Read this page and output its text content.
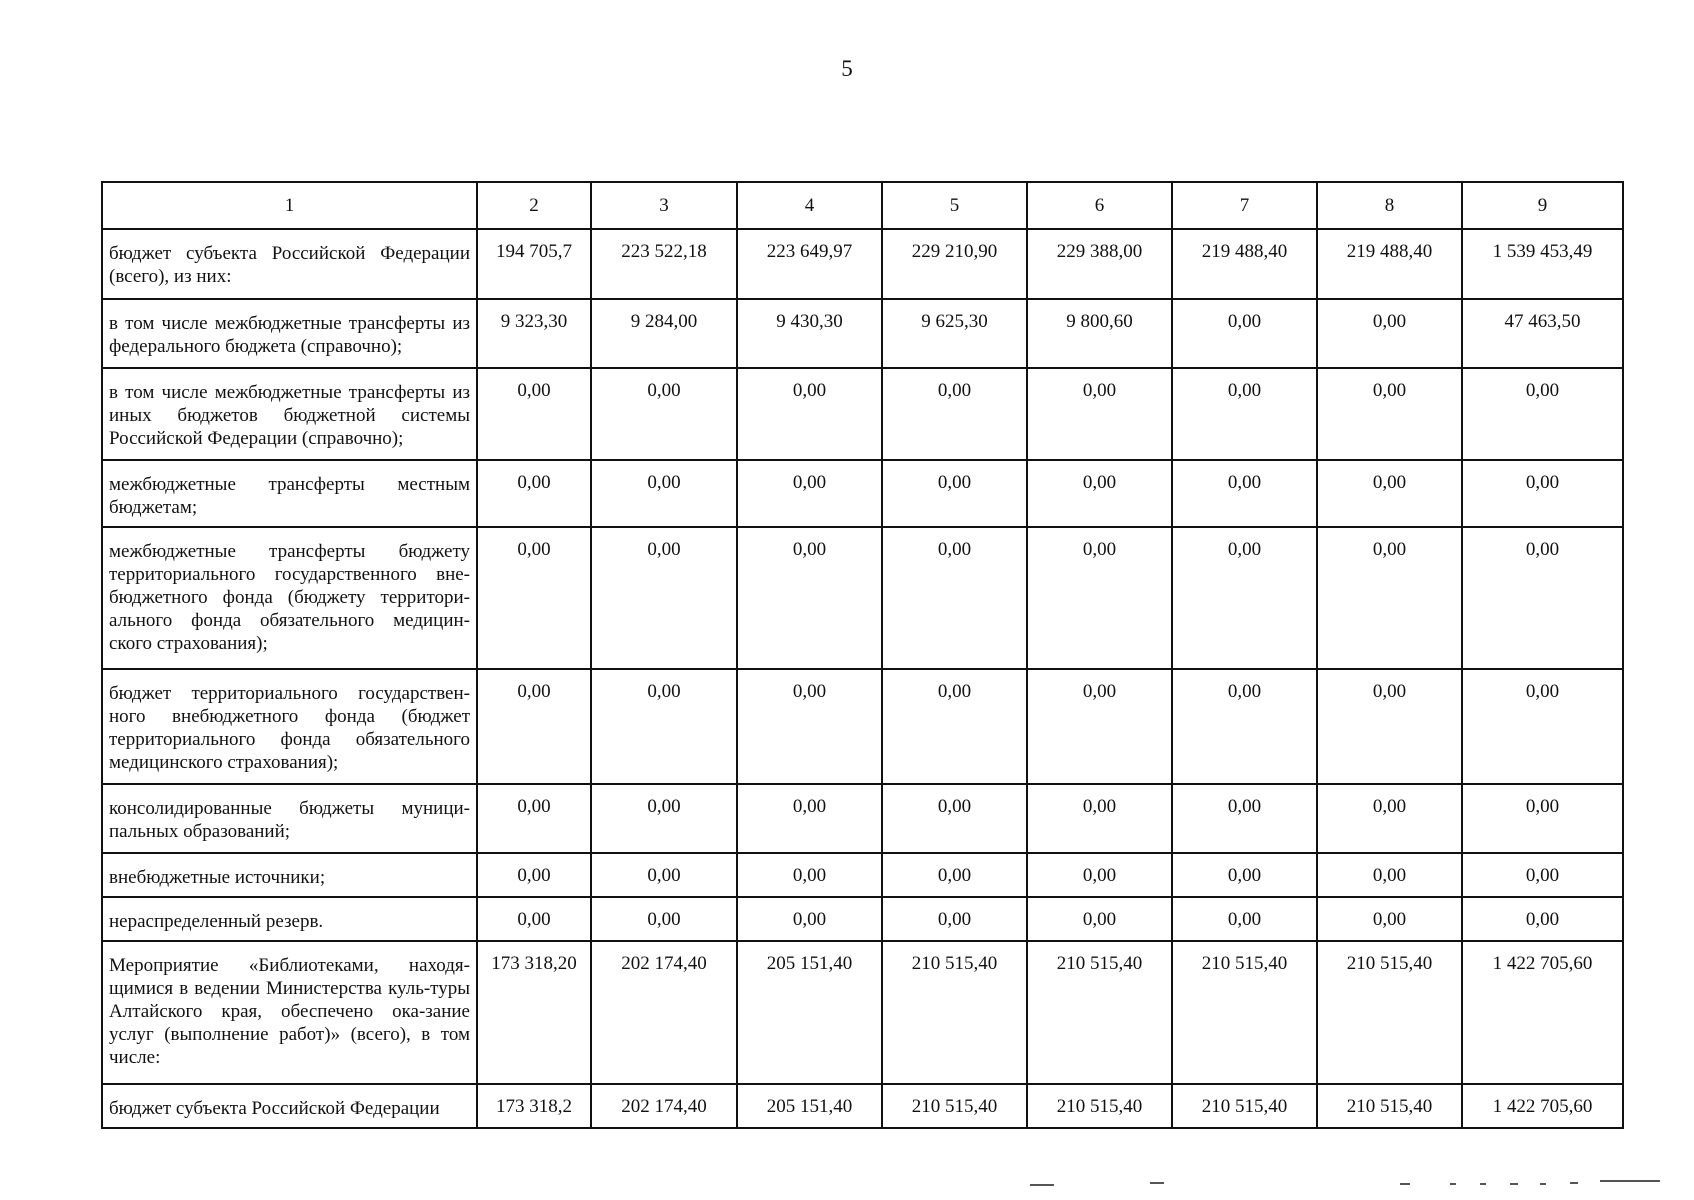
5
1	2	3	4	5	6	7	8	9
бюджет субъекта Российской Федерации (всего), из них:	194 705,7	223 522,18	223 649,97	229 210,90	229 388,00	219 488,40	219 488,40	1 539 453,49
в том числе межбюджетные трансферты из федерального бюджета (справочно);	9 323,30	9 284,00	9 430,30	9 625,30	9 800,60	0,00	0,00	47 463,50
в том числе межбюджетные трансферты из иных бюджетов бюджетной системы Российской Федерации (справочно);	0,00	0,00	0,00	0,00	0,00	0,00	0,00	0,00
межбюджетные трансферты местным бюджетам;	0,00	0,00	0,00	0,00	0,00	0,00	0,00	0,00
межбюджетные трансферты бюджету территориального государственного вне-бюджетного фонда (бюджету территори-ального фонда обязательного медицин-ского страхования);	0,00	0,00	0,00	0,00	0,00	0,00	0,00	0,00
бюджет территориального государствен-ного внебюджетного фонда (бюджет территориального фонда обязательного медицинского страхования);	0,00	0,00	0,00	0,00	0,00	0,00	0,00	0,00
консолидированные бюджеты муници-пальных образований;	0,00	0,00	0,00	0,00	0,00	0,00	0,00	0,00
внебюджетные источники;	0,00	0,00	0,00	0,00	0,00	0,00	0,00	0,00
нераспределенный резерв.	0,00	0,00	0,00	0,00	0,00	0,00	0,00	0,00
Мероприятие «Библиотеками, находя-щимися в ведении Министерства куль-туры Алтайского края, обеспечено ока-зание услуг (выполнение работ)» (всего), в том числе:	173 318,20	202 174,40	205 151,40	210 515,40	210 515,40	210 515,40	210 515,40	1 422 705,60
бюджет субъекта Российской Федерации	173 318,2	202 174,40	205 151,40	210 515,40	210 515,40	210 515,40	210 515,40	1 422 705,60
